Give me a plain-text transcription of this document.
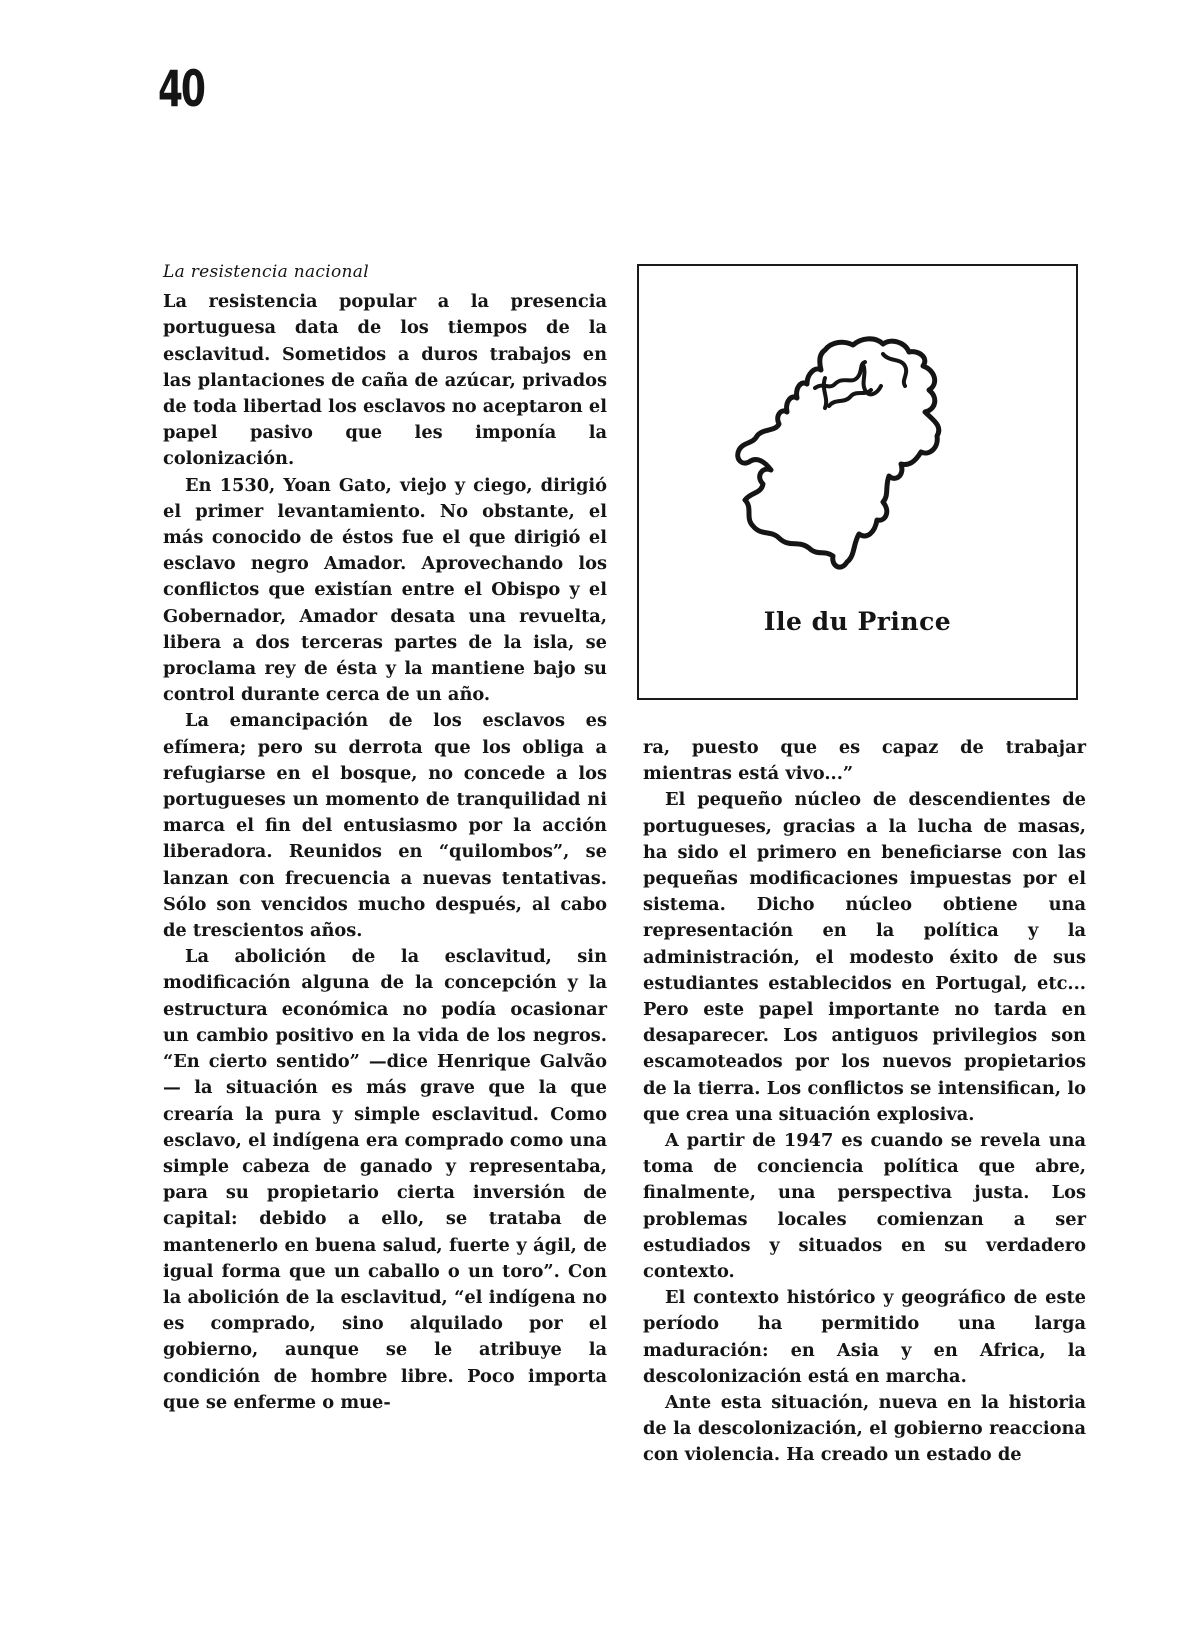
40
La resistencia nacional

La resistencia popular a la presencia portuguesa data de los tiempos de la esclavitud. Sometidos a duros trabajos en las plantaciones de caña de azúcar, privados de toda libertad los esclavos no aceptaron el papel pasivo que les imponía la colonización.

En 1530, Yoan Gato, viejo y ciego, dirigió el primer levantamiento. No obstante, el más conocido de éstos fue el que dirigió el esclavo negro Amador. Aprovechando los conflictos que existían entre el Obispo y el Gobernador, Amador desata una revuelta, libera a dos terceras partes de la isla, se proclama rey de ésta y la mantiene bajo su control durante cerca de un año.

La emancipación de los esclavos es efímera; pero su derrota que los obliga a refugiarse en el bosque, no concede a los portugueses un momento de tranquilidad ni marca el fin del entusiasmo por la acción liberadora. Reunidos en “quilombos”, se lanzan con frecuencia a nuevas tentativas. Sólo son vencidos mucho después, al cabo de trescientos años.

La abolición de la esclavitud, sin modificación alguna de la concepción y la estructura económica no podía ocasionar un cambio positivo en la vida de los negros. “En cierto sentido” —dice Henrique Galvão— la situación es más grave que la que crearía la pura y simple esclavitud. Como esclavo, el indígena era comprado como una simple cabeza de ganado y representaba, para su propietario cierta inversión de capital: debido a ello, se trataba de mantenerlo en buena salud, fuerte y ágil, de igual forma que un caballo o un toro”. Con la abolición de la esclavitud, “el indígena no es comprado, sino alquilado por el gobierno, aunque se le atribuye la condición de hombre libre. Poco importa que se enferme o mue-

Ile du Prince

ra, puesto que es capaz de trabajar mientras está vivo...”

El pequeño núcleo de descendientes de portugueses, gracias a la lucha de masas, ha sido el primero en beneficiarse con las pequeñas modificaciones impuestas por el sistema. Dicho núcleo obtiene una representación en la política y la administración, el modesto éxito de sus estudiantes establecidos en Portugal, etc... Pero este papel importante no tarda en desaparecer. Los antiguos privilegios son escamoteados por los nuevos propietarios de la tierra. Los conflictos se intensifican, lo que crea una situación explosiva.

A partir de 1947 es cuando se revela una toma de conciencia política que abre, finalmente, una perspectiva justa. Los problemas locales comienzan a ser estudiados y situados en su verdadero contexto.

El contexto histórico y geográfico de este período ha permitido una larga maduración: en Asia y en Africa, la descolonización está en marcha.

Ante esta situación, nueva en la historia de la descolonización, el gobierno reacciona con violencia. Ha creado un estado de
